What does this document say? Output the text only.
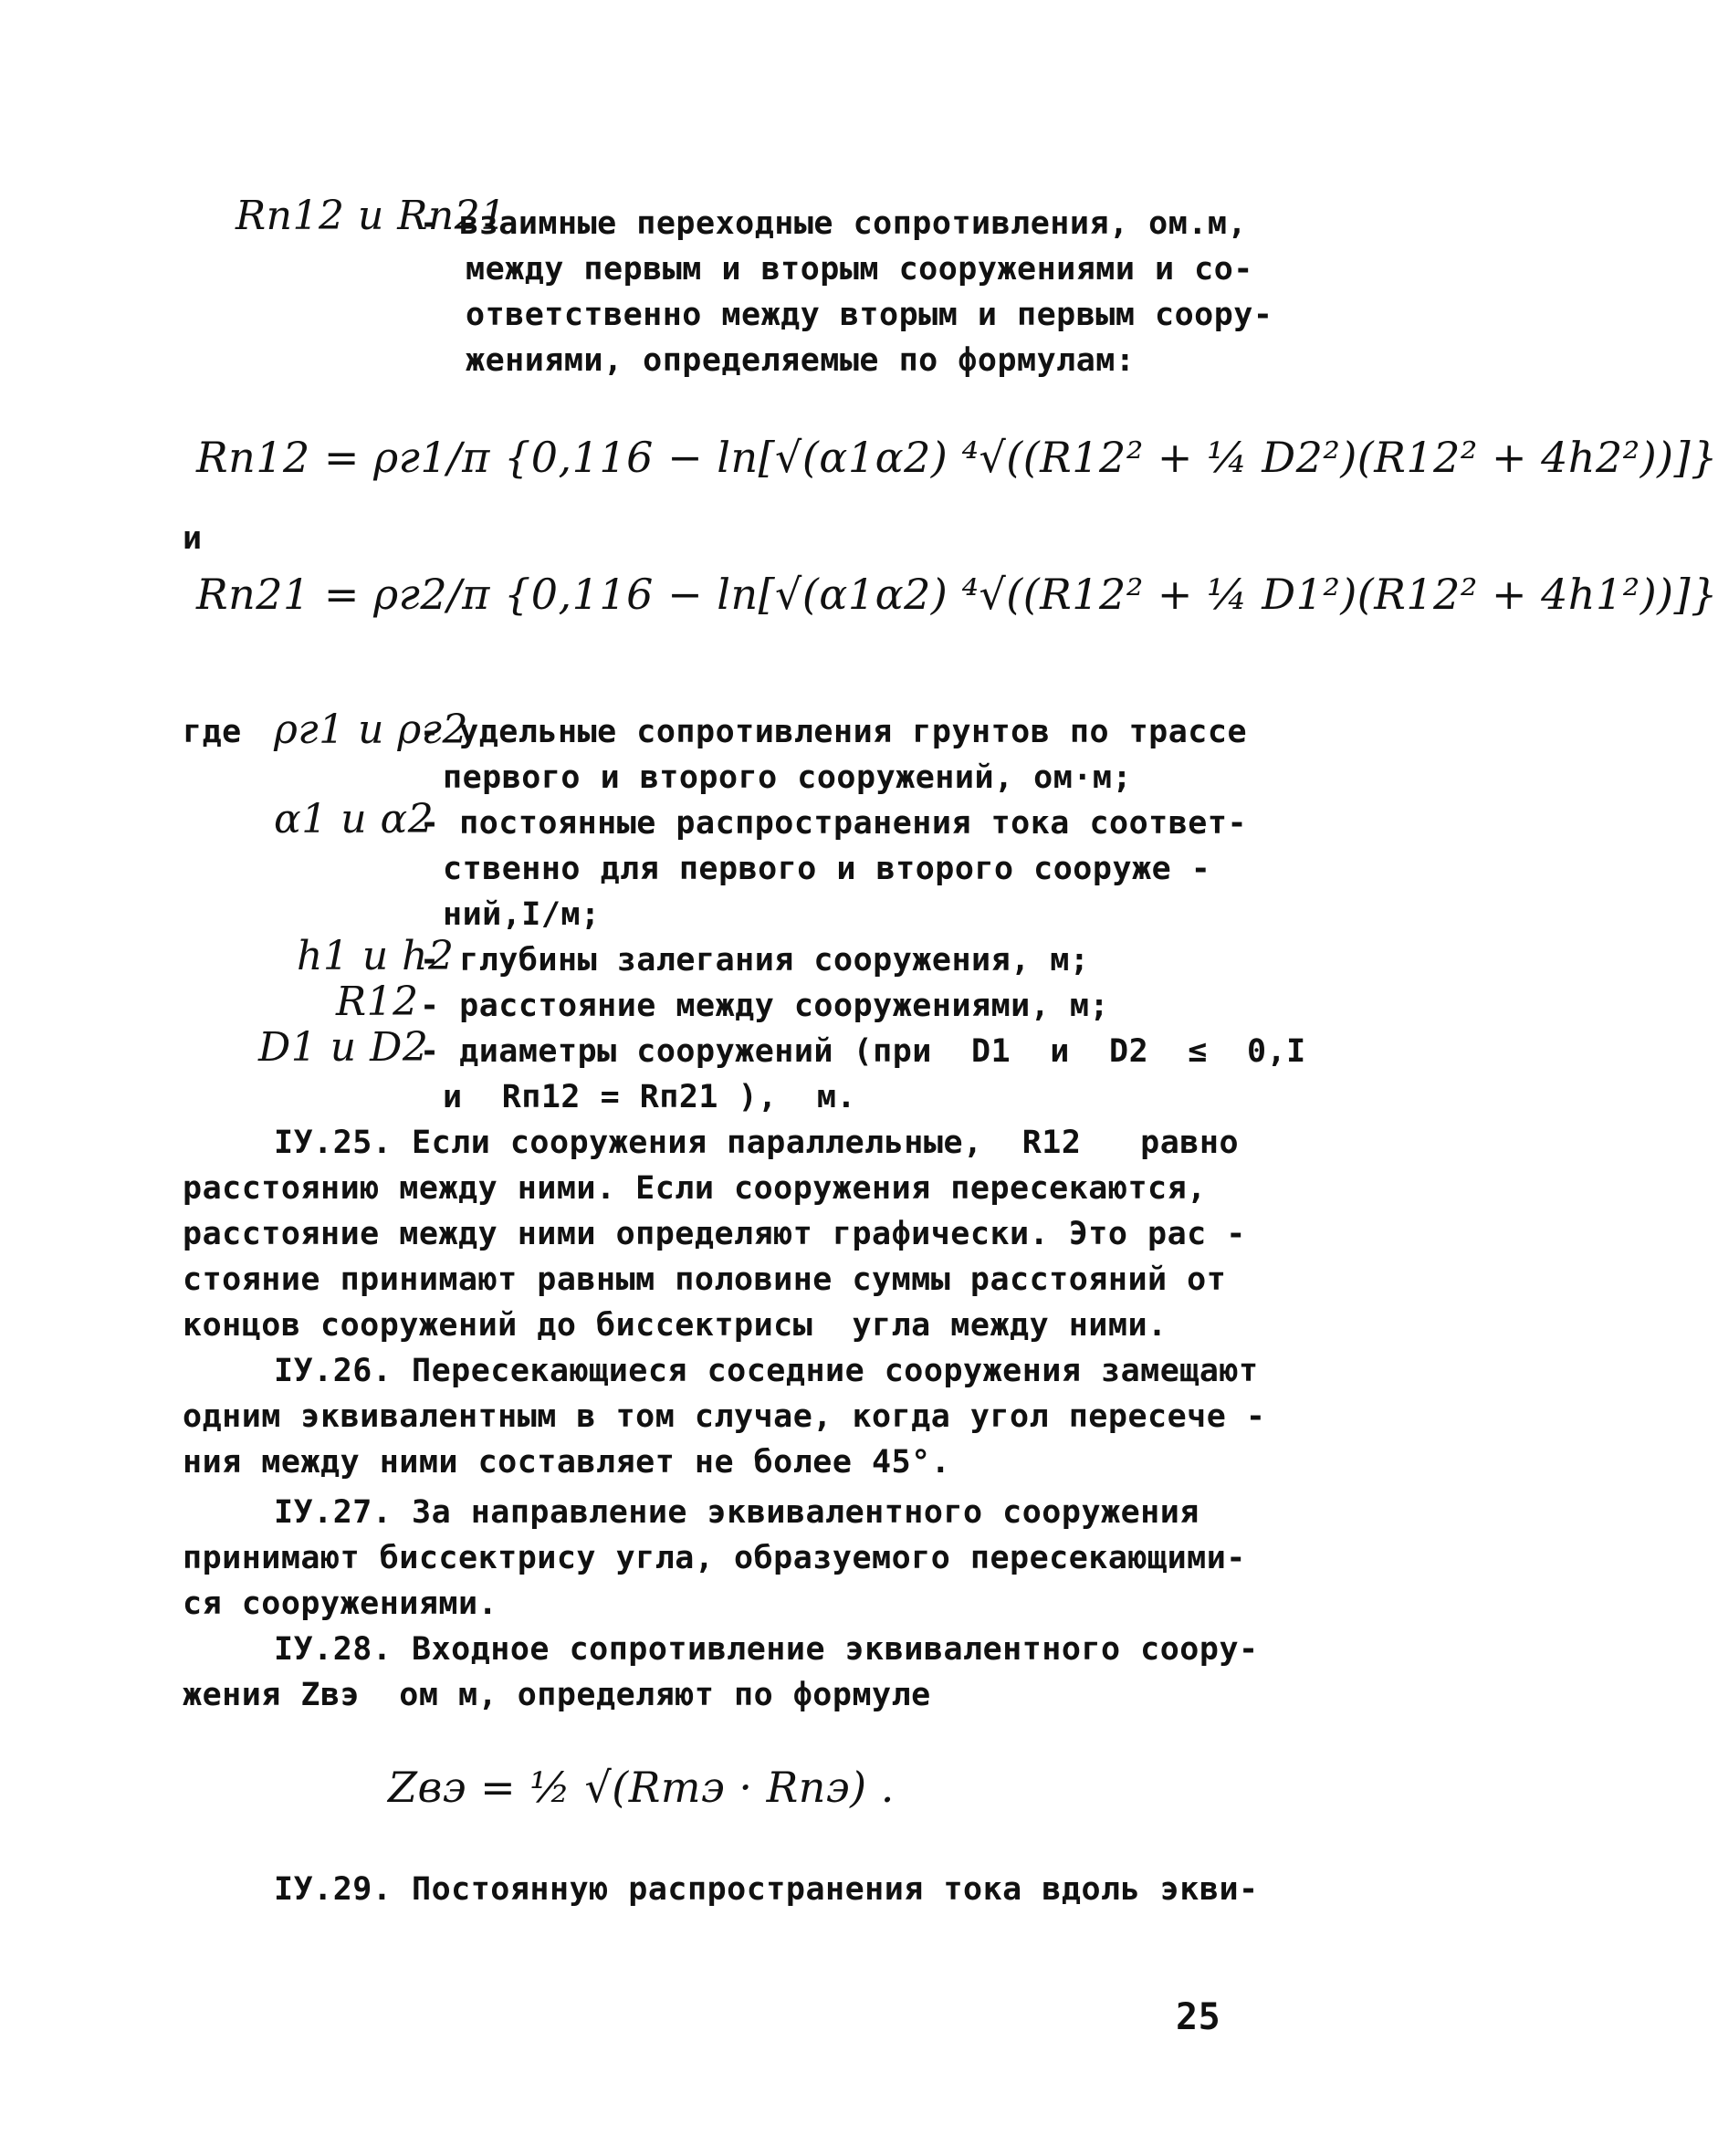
Rп12 и Rп21
- взаимные переходные сопротивления, ом.м,
между первым и вторым сооружениями и со-
ответственно между вторым и первым соору-
жениями, определяемые по формулам:
Rп12 = ρг1/π {0,116 − ln[√(α1α2) ⁴√((R12² + ¼ D2²)(R12² + 4h2²))]}
и
Rп21 = ρг2/π {0,116 − ln[√(α1α2) ⁴√((R12² + ¼ D1²)(R12² + 4h1²))]}
где ρг1 и ρг2
- удельные сопротивления грунтов по трассе
первого и второго сооружений, ом·м;
α1 и α2
- постоянные распространения тока соответ-
ственно для первого и второго сооруже -
ний,I/м;
h1 и h2
- глубины залегания сооружения, м;
R12 - расстояние между сооружениями, м;
D1 и D2
- диаметры сооружений (при  D1  и  D2  ≤  0,I
и  Rп12 = Rп21 ),  м.
IУ.25. Если сооружения параллельные,  R12   равно
расстоянию между ними. Если сооружения пересекаются,
расстояние между ними определяют графически. Это рас -
стояние принимают равным половине суммы расстояний от
концов сооружений до биссектрисы  угла между ними.
IУ.26. Пересекающиеся соседние сооружения замещают
одним эквивалентным в том случае, когда угол пересече -
ния между ними составляет не более 45°.
IУ.27. За направление эквивалентного сооружения
принимают биссектрису угла, образуемого пересекающими-
ся сооружениями.
IУ.28. Входное сопротивление эквивалентного соору-
жения Zвэ  ом м, определяют по формуле
Zвэ = ½ √(Rтэ · Rпэ) .
IУ.29. Постоянную распространения тока вдоль экви-
25
